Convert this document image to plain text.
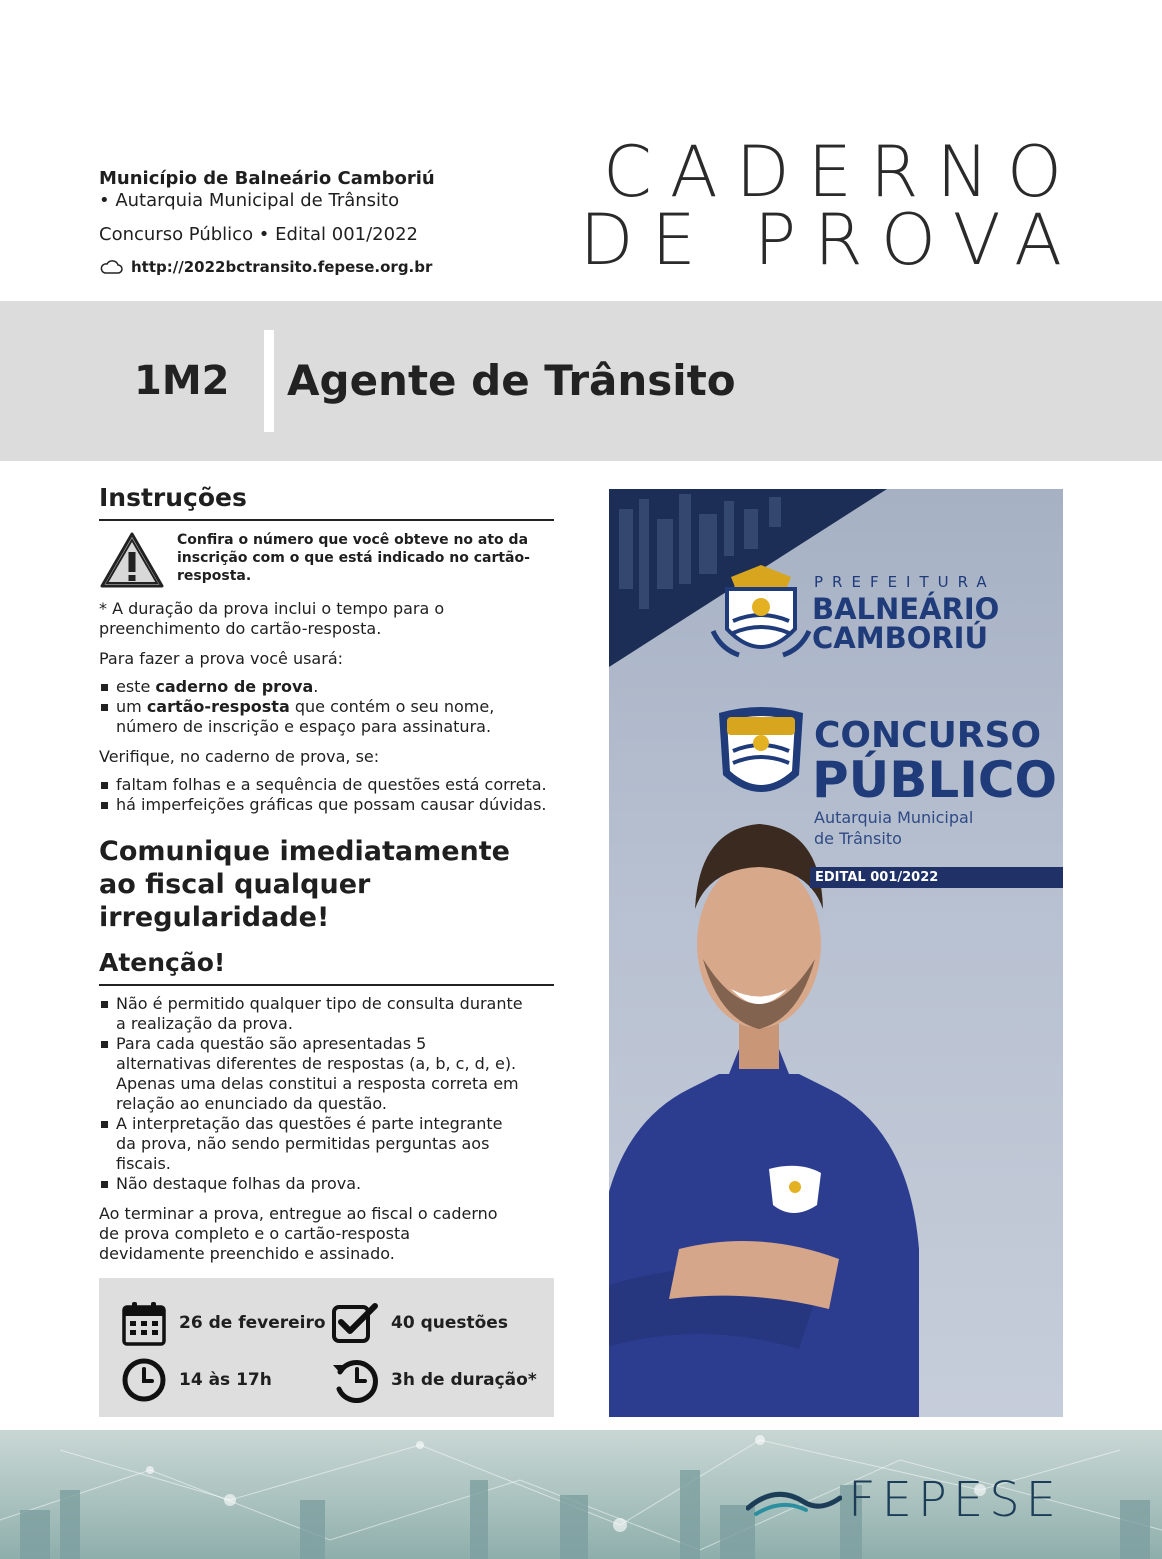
Município de Balneário Camboriú
• Autarquia Municipal de Trânsito
Concurso Público • Edital 001/2022
http://2022bctransito.fepese.org.br
CADERNO
DE PROVA
1M2 Agente de Trânsito
Instruções
Confira o número que você obteve no ato da inscrição com o que está indicado no cartão-resposta.
* A duração da prova inclui o tempo para o preenchimento do cartão-resposta.
Para fazer a prova você usará:
este caderno de prova.
um cartão-resposta que contém o seu nome, número de inscrição e espaço para assinatura.
Verifique, no caderno de prova, se:
faltam folhas e a sequência de questões está correta.
há imperfeições gráficas que possam causar dúvidas.
Comunique imediatamente ao fiscal qualquer irregularidade!
Atenção!
Não é permitido qualquer tipo de consulta durante a realização da prova.
Para cada questão são apresentadas 5 alternativas diferentes de respostas (a, b, c, d, e). Apenas uma delas constitui a resposta correta em relação ao enunciado da questão.
A interpretação das questões é parte integrante da prova, não sendo permitidas perguntas aos fiscais.
Não destaque folhas da prova.
Ao terminar a prova, entregue ao fiscal o caderno de prova completo e o cartão-resposta devidamente preenchido e assinado.
26 de fevereiro	40 questões
14 às 17h	3h de duração*
PREFEITURA
BALNEÁRIO
CAMBORIÚ
CONCURSO
PÚBLICO
Autarquia Municipal
de Trânsito
EDITAL 001/2022
FEPESE
